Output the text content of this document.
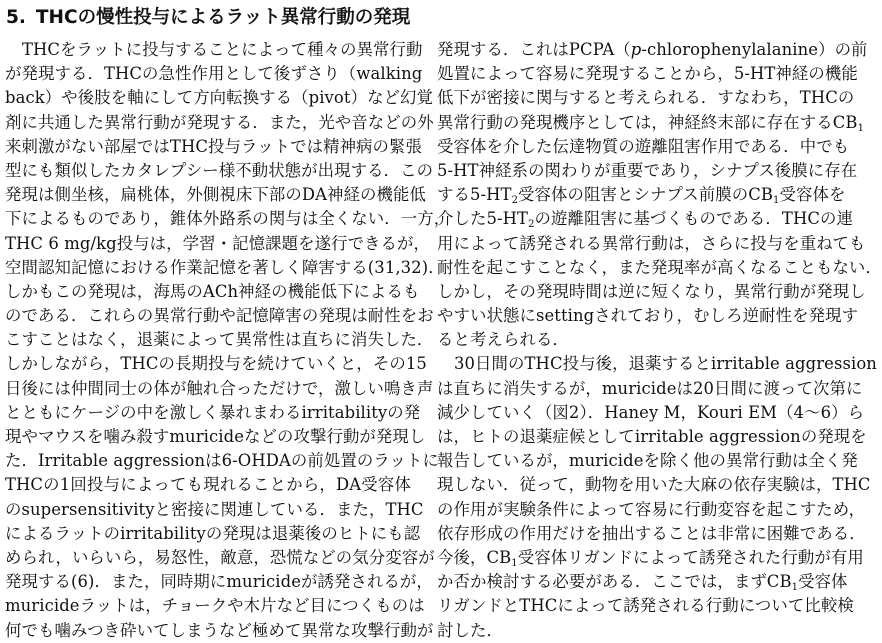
5. THCの慢性投与によるラット異常行動の発現
THCをラットに投与することによって種々の異常行動
が発現する．THCの急性作用として後ずさり（walking
back）や後肢を軸にして方向転換する（pivot）など幻覚
剤に共通した異常行動が発現する．また，光や音などの外
来刺激がない部屋ではTHC投与ラットでは精神病の緊張
型にも類似したカタレプシー様不動状態が出現する．この
発現は側坐核，扁桃体，外側視床下部のDA神経の機能低
下によるものであり，錐体外路系の関与は全くない．一方，
THC 6 mg/kg投与は，学習・記憶課題を遂行できるが，
空間認知記憶における作業記憶を著しく障害する(31,32)．
しかもこの発現は，海馬のACh神経の機能低下によるも
のである．これらの異常行動や記憶障害の発現は耐性をお
こすことはなく，退薬によって異常性は直ちに消失した．
しかしながら，THCの長期投与を続けていくと，その15
日後には仲間同士の体が触れ合っただけで，激しい鳴き声
とともにケージの中を激しく暴れまわるirritabilityの発
現やマウスを噛み殺すmuricideなどの攻撃行動が発現し
た．Irritable aggressionは6-OHDAの前処置のラットに
THCの1回投与によっても現れることから，DA受容体
のsupersensitivityと密接に関連している．また，THC
によるラットのirritabilityの発現は退薬後のヒトにも認
められ，いらいら，易怒性，敵意，恐慌などの気分変容が
発現する(6)．また，同時期にmuricideが誘発されるが，
muricideラットは，チョークや木片など目につくものは
何でも噛みつき砕いてしまうなど極めて異常な攻撃行動が
発現する．これはPCPA（p-chlorophenylalanine）の前
処置によって容易に発現することから，5-HT神経の機能
低下が密接に関与すると考えられる．すなわち，THCの
異常行動の発現機序としては，神経終末部に存在する$CB_1$
受容体を介した伝達物質の遊離阻害作用である．中でも
5-HT神経系の関わりが重要であり，シナプス後膜に存在
する$5-HT_2$受容体の阻害とシナプス前膜の$CB_1$受容体を
介した$5-HT_2$の遊離阻害に基づくものである．THCの連
用によって誘発される異常行動は，さらに投与を重ねても
耐性を起こすことなく，また発現率が高くなることもない．
しかし，その発現時間は逆に短くなり，異常行動が発現し
やすい状態にsettingされており，むしろ逆耐性を発現す
ると考えられる．
30日間のTHC投与後，退薬するとirritable aggression
は直ちに消失するが，muricideは20日間に渡って次第に
減少していく（図2）．Haney M，Kouri EM（4〜6）ら
は，ヒトの退薬症候としてirritable aggressionの発現を
報告しているが，muricideを除く他の異常行動は全く発
現しない．従って，動物を用いた大麻の依存実験は，THC
の作用が実験条件によって容易に行動変容を起こすため，
依存形成の作用だけを抽出することは非常に困難である．
今後，$CB_1$受容体リガンドによって誘発された行動が有用
か否か検討する必要がある．ここでは，まず$CB_1$受容体
リガンドとTHCによって誘発される行動について比較検
討した．
